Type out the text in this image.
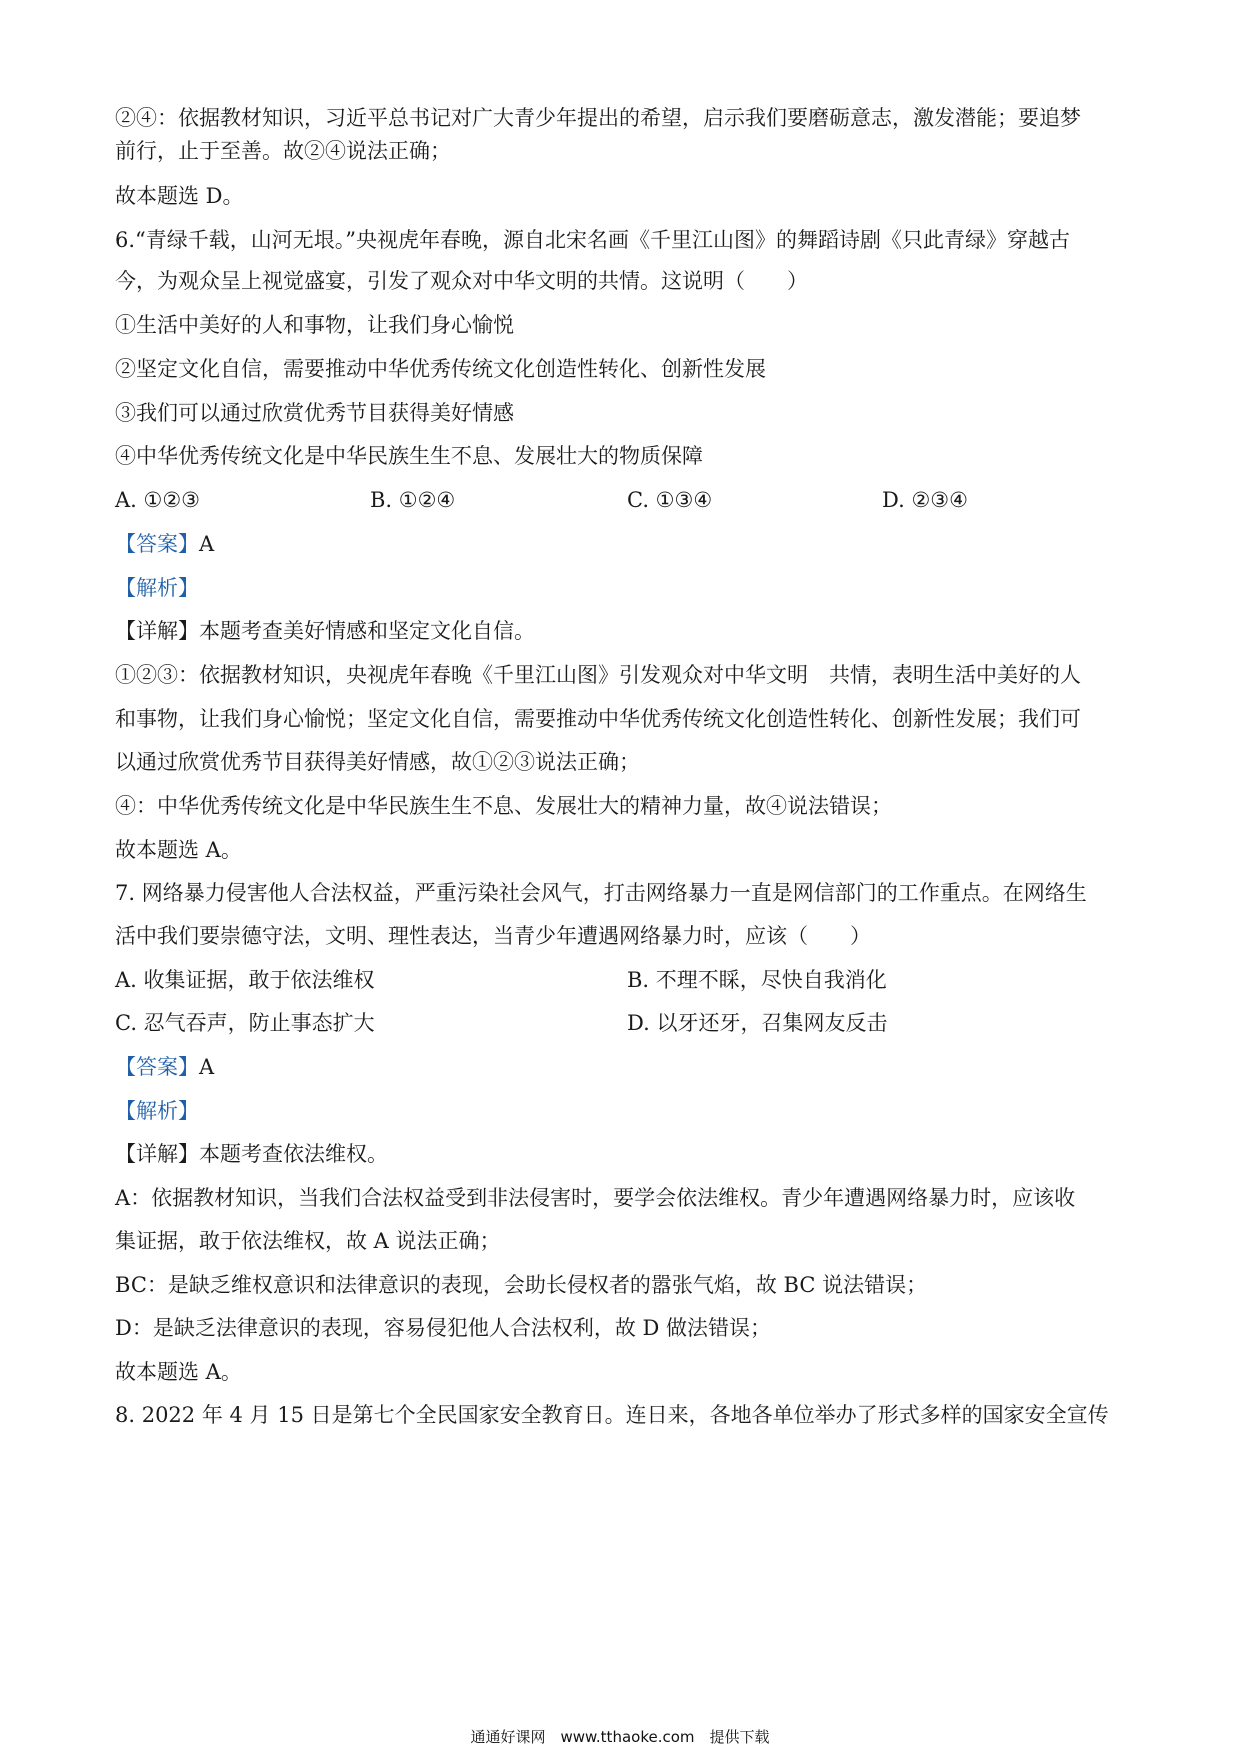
②④：依据教材知识，习近平总书记对广大青少年提出的希望，启示我们要磨砺意志，激发潜能；要追梦
前行，止于至善。故②④说法正确；
故本题选 D。
6.“青绿千载，山河无垠。”央视虎年春晚，源自北宋名画《千里江山图》的舞蹈诗剧《只此青绿》穿越古
今，为观众呈上视觉盛宴，引发了观众对中华文明的共情。这说明（　　）
①生活中美好的人和事物，让我们身心愉悦
②坚定文化自信，需要推动中华优秀传统文化创造性转化、创新性发展
③我们可以通过欣赏优秀节目获得美好情感
④中华优秀传统文化是中华民族生生不息、发展壮大的物质保障
A. ①②③	B. ①②④	C. ①③④	D. ②③④
【答案】A
【解析】
【详解】本题考查美好情感和坚定文化自信。
①②③：依据教材知识，央视虎年春晚《千里江山图》引发观众对中华文明　共情，表明生活中美好的人
和事物，让我们身心愉悦；坚定文化自信，需要推动中华优秀传统文化创造性转化、创新性发展；我们可
以通过欣赏优秀节目获得美好情感，故①②③说法正确；
④：中华优秀传统文化是中华民族生生不息、发展壮大的精神力量，故④说法错误；
故本题选 A。
7. 网络暴力侵害他人合法权益，严重污染社会风气，打击网络暴力一直是网信部门的工作重点。在网络生
活中我们要崇德守法，文明、理性表达，当青少年遭遇网络暴力时，应该（　　）
A. 收集证据，敢于依法维权	B. 不理不睬，尽快自我消化
C. 忍气吞声，防止事态扩大	D. 以牙还牙，召集网友反击
【答案】A
【解析】
【详解】本题考查依法维权。
A：依据教材知识，当我们合法权益受到非法侵害时，要学会依法维权。青少年遭遇网络暴力时，应该收
集证据，敢于依法维权，故 A 说法正确；
BC：是缺乏维权意识和法律意识的表现，会助长侵权者的嚣张气焰，故 BC 说法错误；
D：是缺乏法律意识的表现，容易侵犯他人合法权利，故 D 做法错误；
故本题选 A。
8. 2022 年 4 月 15 日是第七个全民国家安全教育日。连日来，各地各单位举办了形式多样的国家安全宣传
通通好课网　www.tthaoke.com　提供下载
